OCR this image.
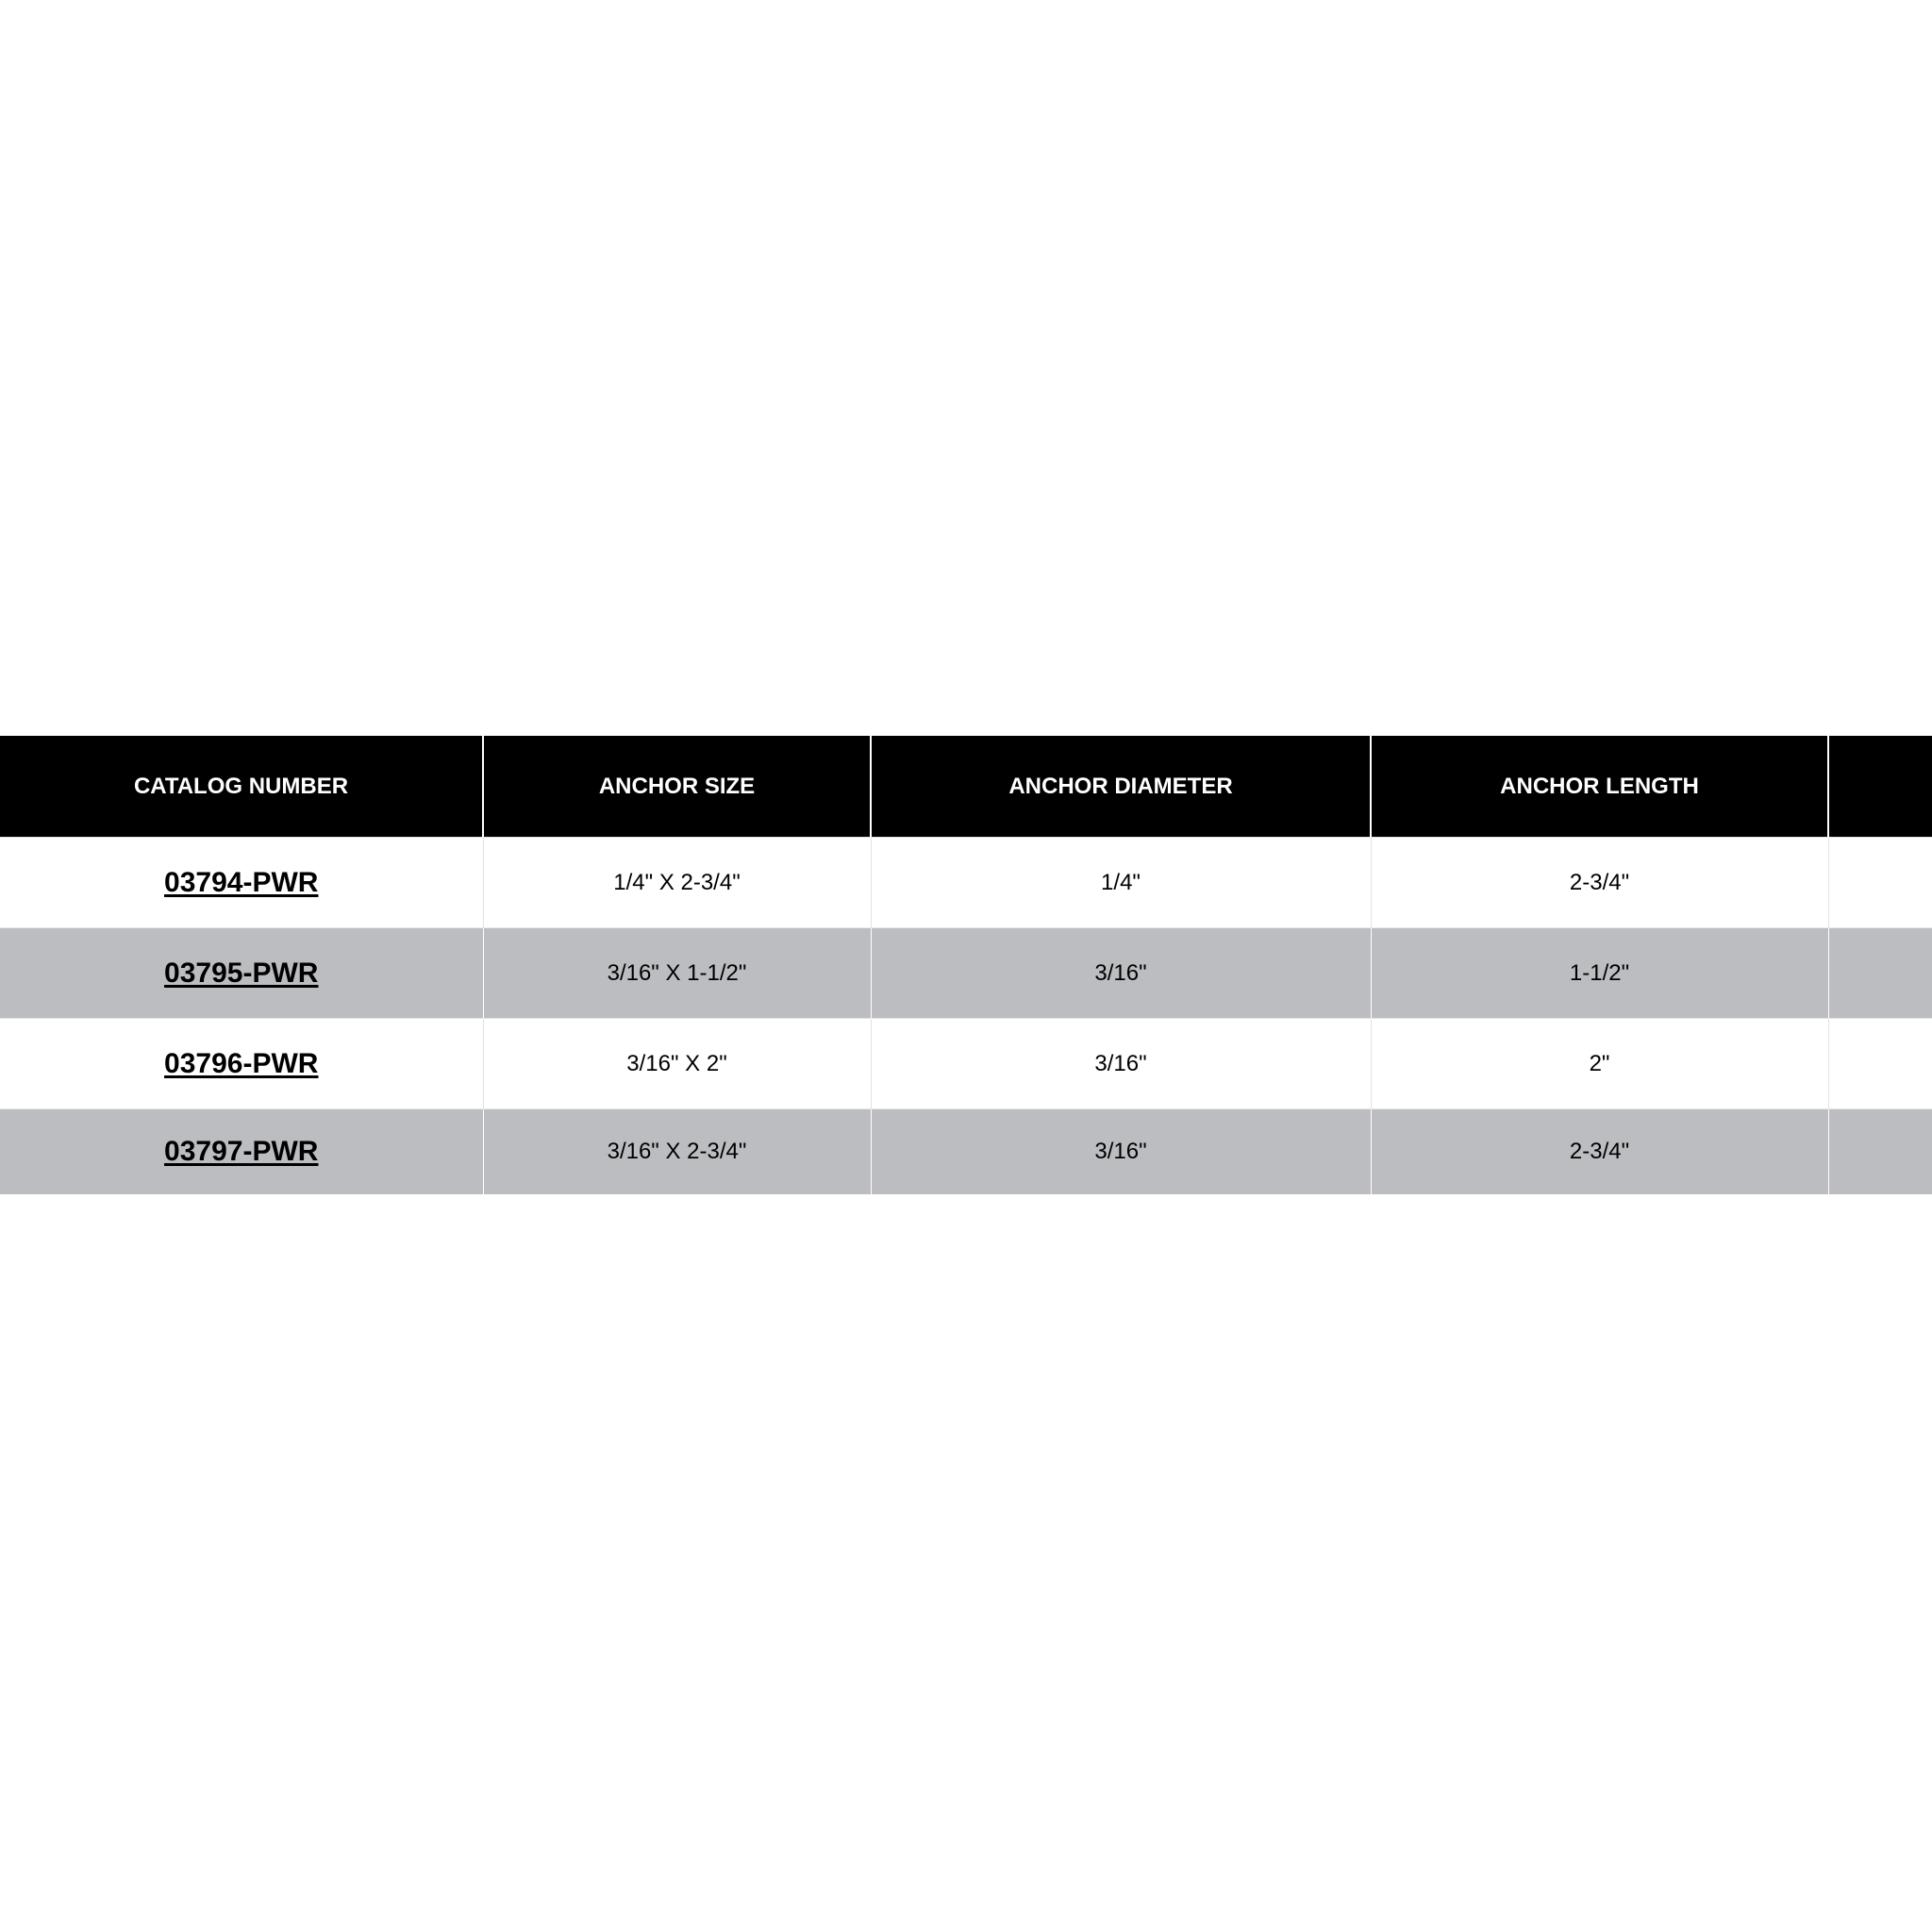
CATALOG NUMBER	ANCHOR SIZE	ANCHOR DIAMETER	ANCHOR LENGTH	
03794-PWR	1/4" X 2-3/4"	1/4"	2-3/4"	
03795-PWR	3/16" X 1-1/2"	3/16"	1-1/2"	
03796-PWR	3/16" X 2"	3/16"	2"	
03797-PWR	3/16" X 2-3/4"	3/16"	2-3/4"	
